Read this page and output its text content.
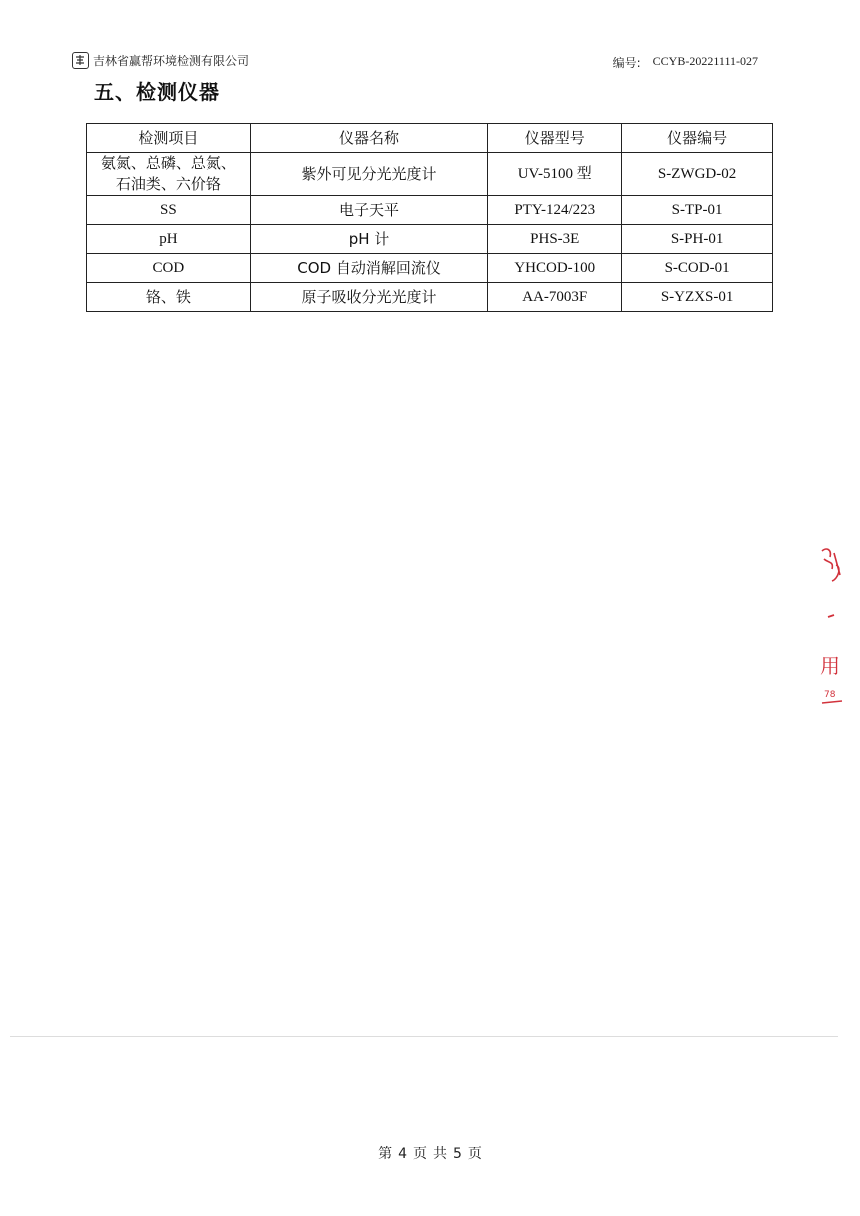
吉林省赢帮环境检测有限公司	编号: CCYB-20221111-027
五、检测仪器
检测项目	仪器名称	仪器型号	仪器编号

氨氮、总磷、总氮、
石油类、六价铬	紫外可见分光光度计	UV-5100 型	S-ZWGD-02
SS	电子天平	PTY-124/223	S-TP-01
pH	pH 计	PHS-3E	S-PH-01
COD	COD 自动消解回流仪	YHCOD-100	S-COD-01
铬、铁	原子吸收分光光度计	AA-7003F	S-YZXS-01
用
78
第 4 页 共 5 页
